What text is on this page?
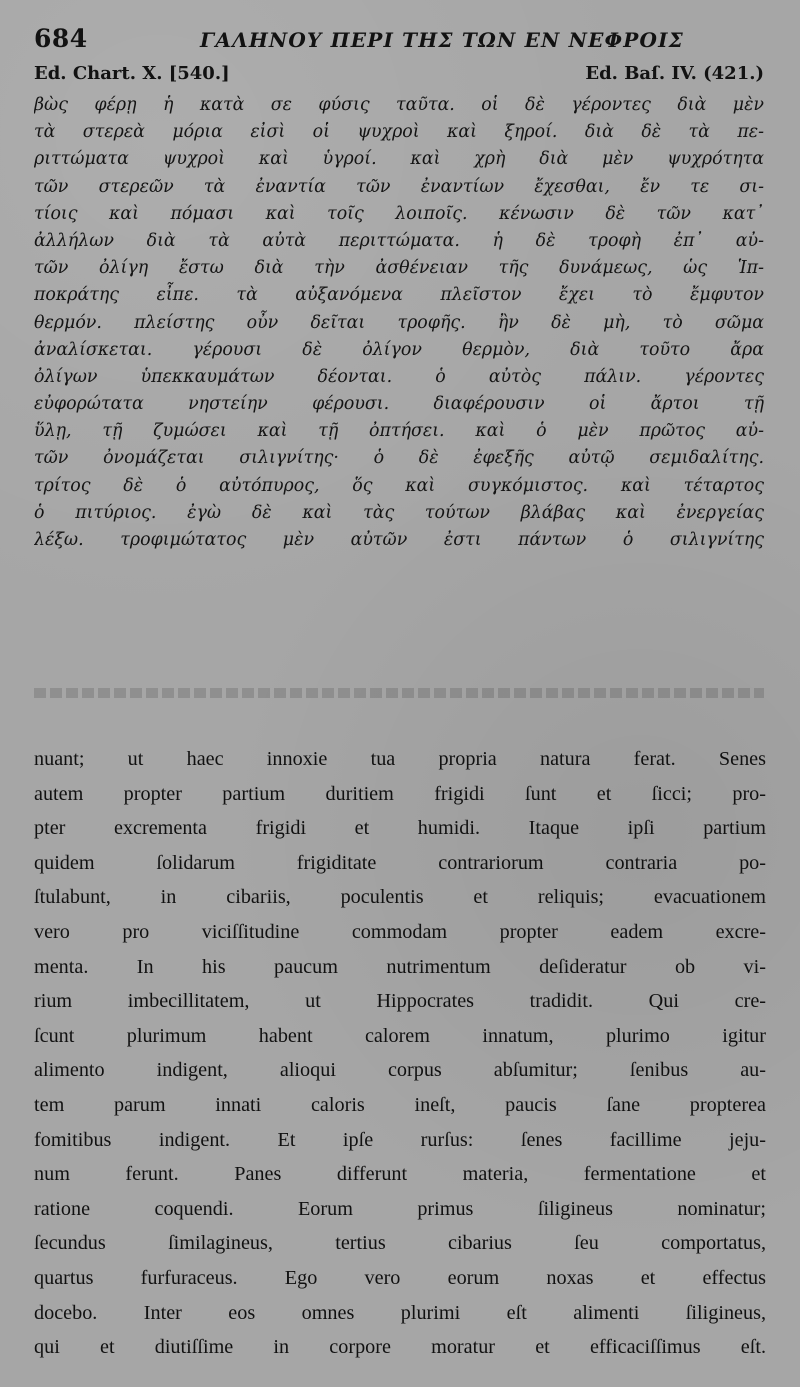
684	ΓΑΛΗΝΟΥ ΠΕΡΙ ΤΗΣ ΤΩΝ ΕΝ ΝΕΦΡΟΙΣ
Ed. Chart. X. [540.]	Ed. Baſ. IV. (421.)
βὼς φέρῃ ἡ κατὰ σε φύσις ταῦτα. οἱ δὲ γέροντες διὰ μὲν
τὰ στερεὰ μόρια εἰσὶ οἱ ψυχροὶ καὶ ξηροί. διὰ δὲ τὰ πε-
ριττώματα ψυχροὶ καὶ ὑγροί. καὶ χρὴ διὰ μὲν ψυχρότητα
τῶν στερεῶν τὰ ἐναντία τῶν ἐναντίων ἔχεσθαι, ἔν τε σι-
τίοις καὶ πόμασι καὶ τοῖς λοιποῖς. κένωσιν δὲ τῶν κατ᾽
ἀλλήλων διὰ τὰ αὐτὰ περιττώματα. ἡ δὲ τροφὴ ἐπ᾽ αὐ-
τῶν ὀλίγη ἔστω διὰ τὴν ἀσθένειαν τῆς δυνάμεως, ὡς Ἱπ-
ποκράτης εἶπε. τὰ αὐξανόμενα πλεῖστον ἔχει τὸ ἔμφυτον
θερμόν. πλείστης οὖν δεῖται τροφῆς. ἢν δὲ μὴ, τὸ σῶμα
ἀναλίσκεται. γέρουσι δὲ ὀλίγον θερμὸν, διὰ τοῦτο ἄρα
ὀλίγων ὑπεκκαυμάτων δέονται. ὁ αὐτὸς πάλιν. γέροντες
εὐφορώτατα νηστείην φέρουσι. διαφέρουσιν οἱ ἄρτοι τῇ
ὕλῃ, τῇ ζυμώσει καὶ τῇ ὀπτήσει. καὶ ὁ μὲν πρῶτος αὐ-
τῶν ὀνομάζεται σιλιγνίτης· ὁ δὲ ἐφεξῆς αὐτῷ σεμιδαλίτης.
τρίτος δὲ ὁ αὐτόπυρος, ὅς καὶ συγκόμιστος. καὶ τέταρτος
ὁ πιτύριος. ἐγὼ δὲ καὶ τὰς τούτων βλάβας καὶ ἐνεργείας
λέξω. τροφιμώτατος μὲν αὐτῶν ἐστι πάντων ὁ σιλιγνίτης
nuant; ut haec innoxie tua propria natura ferat. Senes
autem propter partium duritiem frigidi ſunt et ſicci; pro-
pter excrementa frigidi et humidi. Itaque ipſi partium
quidem ſolidarum frigiditate contrariorum contraria po-
ſtulabunt, in cibariis, poculentis et reliquis; evacuationem
vero pro viciſſitudine commodam propter eadem excre-
menta. In his paucum nutrimentum deſideratur ob vi-
rium imbecillitatem, ut Hippocrates tradidit. Qui cre-
ſcunt plurimum habent calorem innatum, plurimo igitur
alimento indigent, alioqui corpus abſumitur; ſenibus au-
tem parum innati caloris ineſt, paucis ſane propterea
fomitibus indigent. Et ipſe rurſus: ſenes facillime jeju-
num ferunt. Panes differunt materia, fermentatione et
ratione coquendi. Eorum primus ſiligineus nominatur;
ſecundus ſimilagineus, tertius cibarius ſeu comportatus,
quartus furfuraceus. Ego vero eorum noxas et effectus
docebo. Inter eos omnes plurimi eſt alimenti ſiligineus,
qui et diutiſſime in corpore moratur et efficaciſſimus eſt.
